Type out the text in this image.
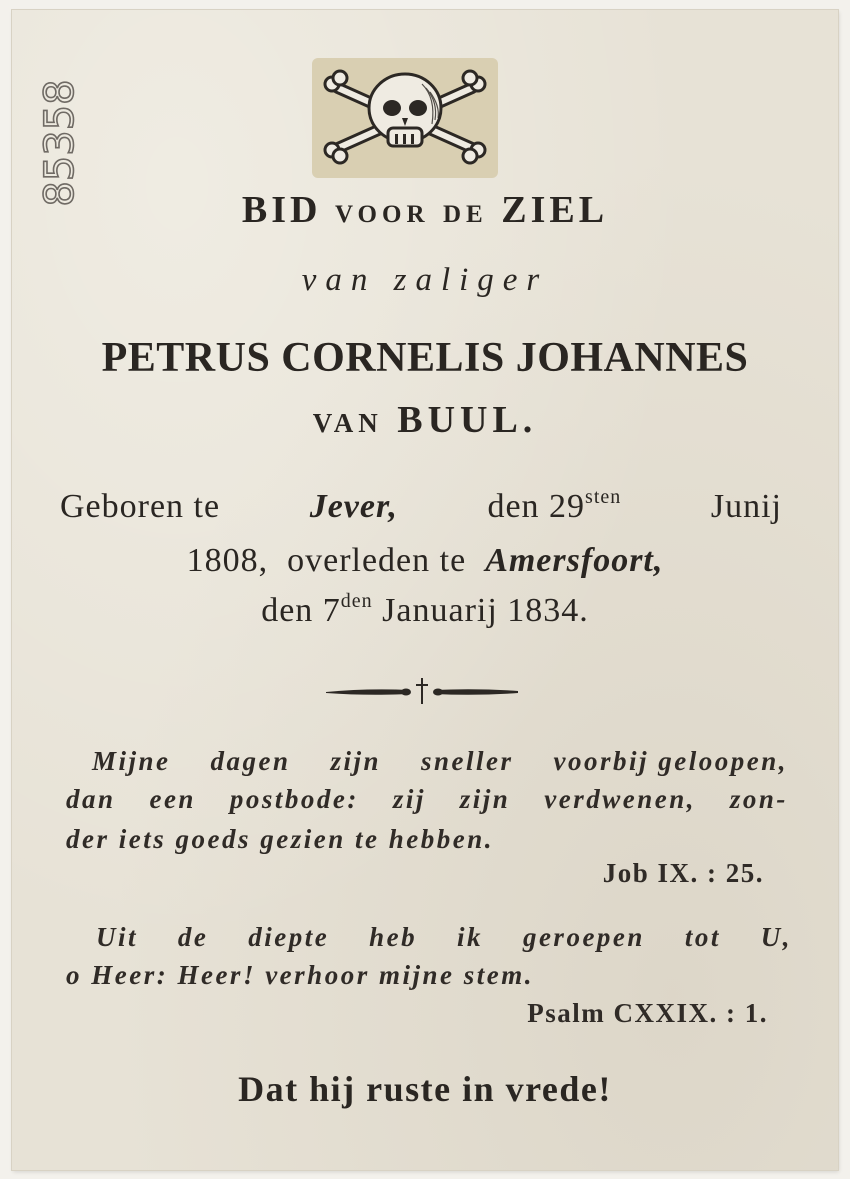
85358
BID VOOR DE ZIEL
van zaliger
PETRUS CORNELIS JOHANNES
VAN BUUL.
Geboren te	Jever,	den $29^{sten}$	Junij
1808, overleden te Amersfoort,
den $7^{den}$ Januarij 1834.
Mijne dagen zijn sneller voorbij geloopen,
dan een postbode: zij zijn verdwenen, zon-
der iets goeds gezien te hebben.
Job IX. : 25.
Uit de diepte heb ik geroepen tot U,
o Heer: Heer! verhoor mijne stem.
Psalm CXXIX. : 1.
Dat hij ruste in vrede!
